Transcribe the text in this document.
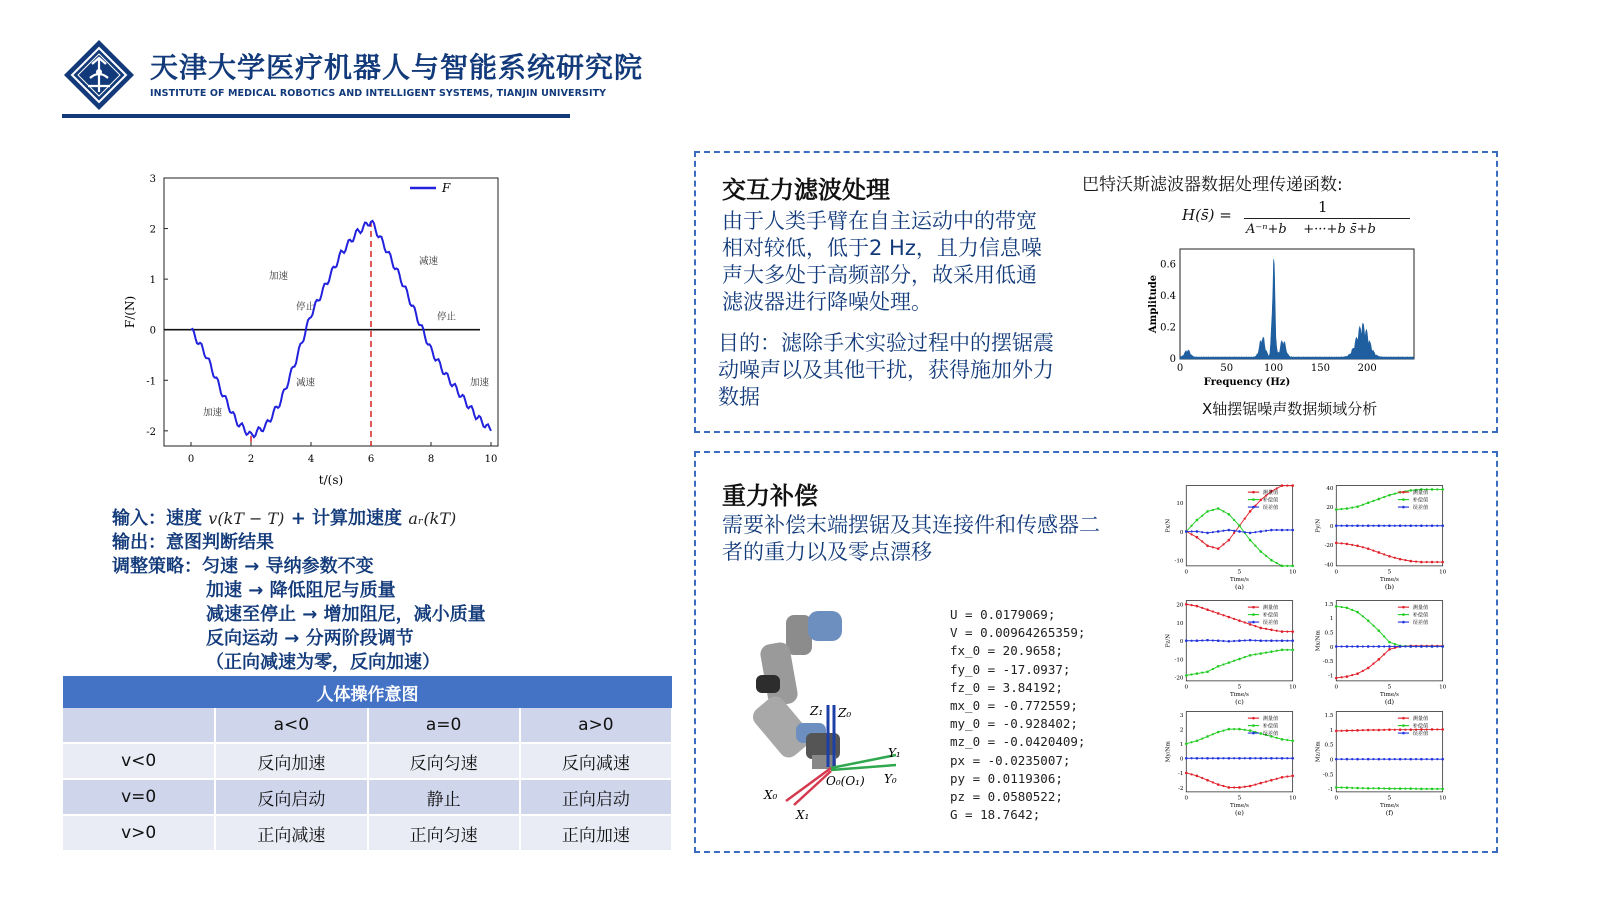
天津大学医疗机器人与智能系统研究院
INSTITUTE OF MEDICAL ROBOTICS AND INTELLIGENT SYSTEMS, TIANJIN UNIVERSITY
0	2	4	6	8	10
-2
-1
0
1
2
3
F
加速
加速
停止
减速
减速
停止
加速
t/(s)
F/(N)
输入：速度 v(kT − T) + 计算加速度 aᵣ(kT)
输出：意图判断结果
调整策略：匀速 → 导纳参数不变
加速 → 降低阻尼与质量
减速至停止 → 增加阻尼，减小质量
反向运动 → 分两阶段调节
（正向减速为零，反向加速）
人体操作意图			
	a<0	a=0	a>0
v<0	反向加速	反向匀速	反向减速
v=0	反向启动	静止	正向启动
v>0	正向减速	正向匀速	正向加速
交互力滤波处理
由于人类手臂在自主运动中的带宽相对较低，低于2 Hz，且力信息噪声大多处于高频部分，故采用低通滤波器进行降噪处理。
目的：滤除手术实验过程中的摆锯震动噪声以及其他干扰，获得施加外力数据
巴特沃斯滤波器数据处理传递函数:
H(s̄) =	1
A⁻ⁿ+b    +···+b s̄+b
0	50	100	150	200
0
0.2
0.4
0.6
Frequency (Hz)
Amplitude
X轴摆锯噪声数据频域分析
重力补偿
需要补偿末端摆锯及其连接件和传感器二者的重力以及零点漂移
Z₁ Z₀
Y₁
Y₀
X₀
X₁
O₀(O₁)
U = 0.0179069;
V = 0.00964265359;
fx_0 = 20.9658;
fy_0 = -17.0937;
fz_0 = 3.84192;
mx_0 = -0.772559;
my_0 = -0.928402;
mz_0 = -0.0420409;
px = -0.0235007;
py = 0.0119306;
pz = 0.0580522;
G = 18.7642;
10
0
-10
0	5	10
Time/s
(a)
Fx/N
测量值
补偿值
误差值
40
20
0
-20
-40
0	5	10
Time/s
(b)
Fy/N
测量值
补偿值
误差值
20
10
0
-10
-20
0	5	10
Time/s
(c)
Fz/N
测量值
补偿值
误差值
1.5
1
0.5
0
-0.5
-1
0	5	10
Time/s
(d)
Mx/Nm
测量值
补偿值
误差值
3
2
1
0
-1
-2
0	5	10
Time/s
(e)
My/Nm
测量值
补偿值
误差值
1.5
1
0.5
0
-0.5
-1
0	5	10
Time/s
(f)
Mz/Nm
测量值
补偿值
误差值
